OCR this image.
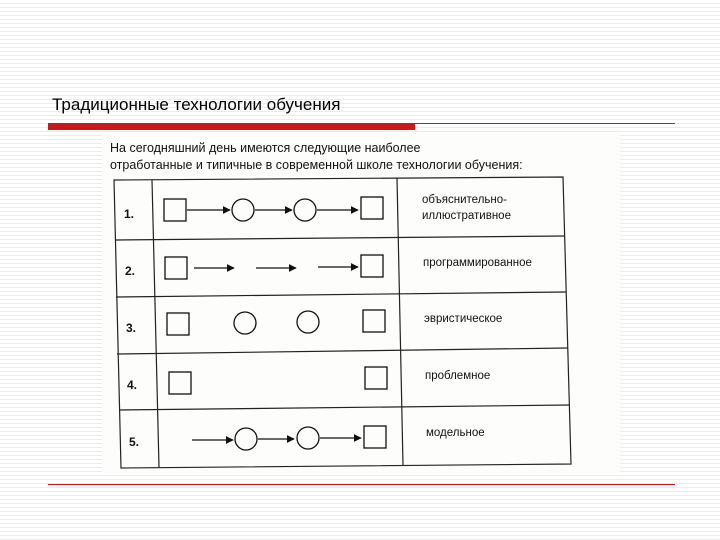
Традиционные технологии обучения

На сегодняшний день имеются следующие наиболее
отработанные и типичные в современной школе технологии обучения:

1.
2.
3.
4.
5.
объяснительно-
иллюстративное
программированное
эвристическое
проблемное
модельное
